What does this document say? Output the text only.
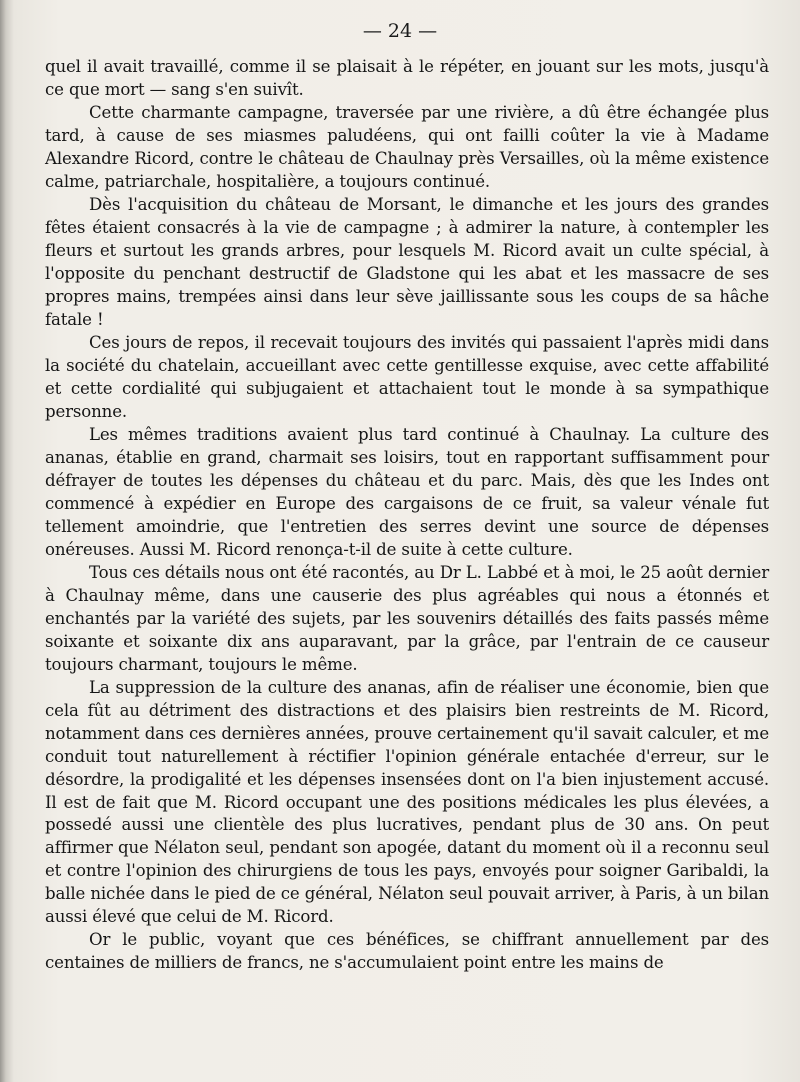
— 24 —

quel il avait travaillé, comme il se plaisait à le répéter, en jouant sur les mots, jusqu'à ce que mort — sang s'en suivît.

Cette charmante campagne, traversée par une rivière, a dû être échangée plus tard, à cause de ses miasmes paludéens, qui ont failli coûter la vie à Madame Alexandre Ricord, contre le château de Chaulnay près Versailles, où la même existence calme, patriarchale, hospitalière, a toujours continué.

Dès l'acquisition du château de Morsant, le dimanche et les jours des grandes fêtes étaient consacrés à la vie de campagne ; à admirer la nature, à contempler les fleurs et surtout les grands arbres, pour lesquels M. Ricord avait un culte spécial, à l'opposite du penchant destructif de Gladstone qui les abat et les massacre de ses propres mains, trempées ainsi dans leur sève jaillissante sous les coups de sa hâche fatale !

Ces jours de repos, il recevait toujours des invités qui passaient l'après midi dans la société du chatelain, accueillant avec cette gentillesse exquise, avec cette affabilité et cette cordialité qui subjugaient et attachaient tout le monde à sa sympathique personne.

Les mêmes traditions avaient plus tard continué à Chaulnay. La culture des ananas, établie en grand, charmait ses loisirs, tout en rapportant suffisamment pour défrayer de toutes les dépenses du château et du parc. Mais, dès que les Indes ont commencé à expédier en Europe des cargaisons de ce fruit, sa valeur vénale fut tellement amoindrie, que l'entretien des serres devint une source de dépenses onéreuses. Aussi M. Ricord renonça-t-il de suite à cette culture.

Tous ces détails nous ont été racontés, au Dr L. Labbé et à moi, le 25 août dernier à Chaulnay même, dans une causerie des plus agréables qui nous a étonnés et enchantés par la variété des sujets, par les souvenirs détaillés des faits passés même soixante et soixante dix ans auparavant, par la grâce, par l'entrain de ce causeur toujours charmant, toujours le même.

La suppression de la culture des ananas, afin de réaliser une économie, bien que cela fût au détriment des distractions et des plaisirs bien restreints de M. Ricord, notamment dans ces dernières années, prouve certainement qu'il savait calculer, et me conduit tout naturellement à réctifier l'opinion générale entachée d'erreur, sur le désordre, la prodigalité et les dépenses insensées dont on l'a bien injustement accusé. Il est de fait que M. Ricord occupant une des positions médicales les plus élevées, a possedé aussi une clientèle des plus lucratives, pendant plus de 30 ans. On peut affirmer que Nélaton seul, pendant son apogée, datant du moment où il a reconnu seul et contre l'opinion des chirurgiens de tous les pays, envoyés pour soigner Garibaldi, la balle nichée dans le pied de ce général, Nélaton seul pouvait arriver, à Paris, à un bilan aussi élevé que celui de M. Ricord.

Or le public, voyant que ces bénéfices, se chiffrant annuellement par des centaines de milliers de francs, ne s'accumulaient point entre les mains de
